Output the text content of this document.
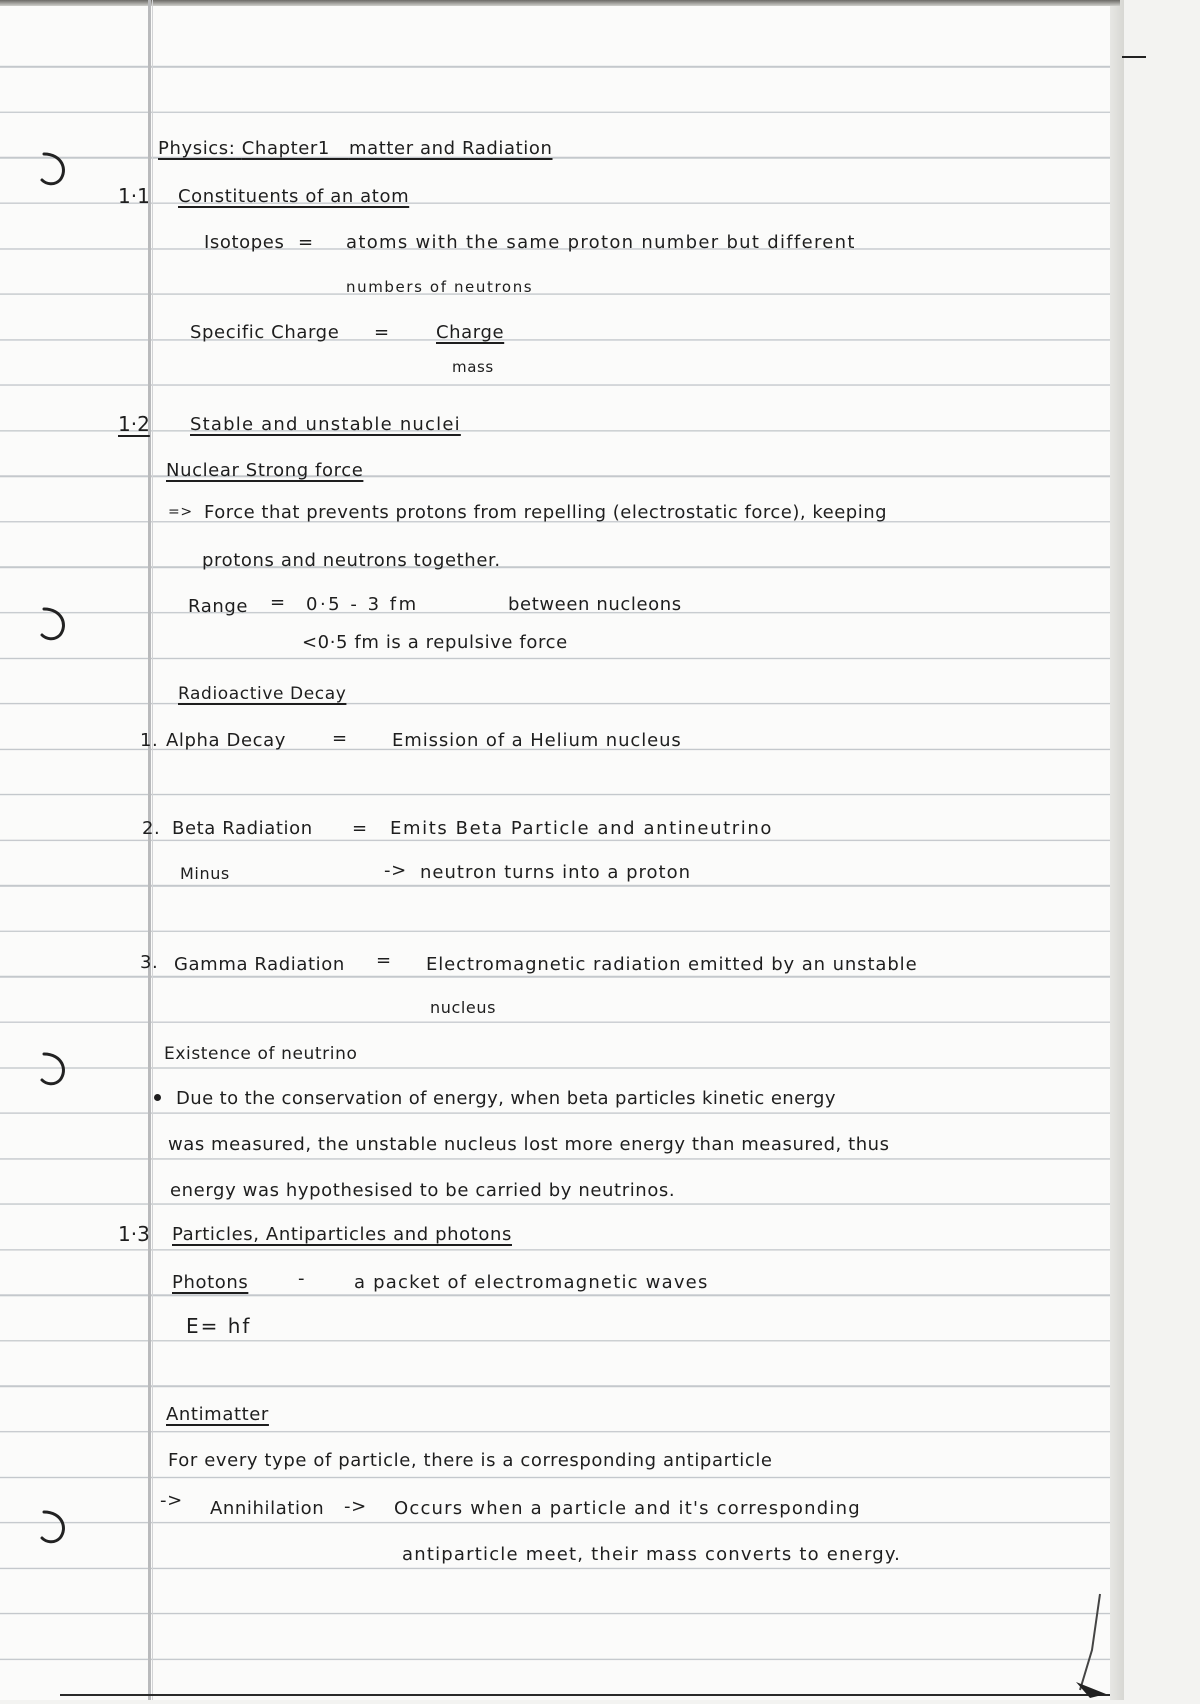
Physics: Chapter1 matter and Radiation
1·1 Constituents of an atom
Isotopes = atoms with the same proton number but different
numbers of neutrons
Specific Charge =	Charge
mass
1·2 Stable and unstable nuclei
Nuclear Strong force
=> Force that prevents protons from repelling (electrostatic force), keeping
protons and neutrons together.
Range = 0·5 - 3 fm	between nucleons
<0·5 fm is a repulsive force
Radioactive Decay
1. Alpha Decay	= Emission of a Helium nucleus
2. Beta Radiation = Emits Beta Particle and antineutrino
Minus	-> neutron turns into a proton
3. Gamma Radiation = Electromagnetic radiation emitted by an unstable
nucleus
Existence of neutrino
Due to the conservation of energy, when beta particles kinetic energy
was measured, the unstable nucleus lost more energy than measured, thus
energy was hypothesised to be carried by neutrinos.
1·3 Particles, Antiparticles and photons
Photons	-	a packet of electromagnetic waves
E= hf
Antimatter
For every type of particle, there is a corresponding antiparticle
-> Annihilation -> Occurs when a particle and it's corresponding
antiparticle meet, their mass converts to energy.
